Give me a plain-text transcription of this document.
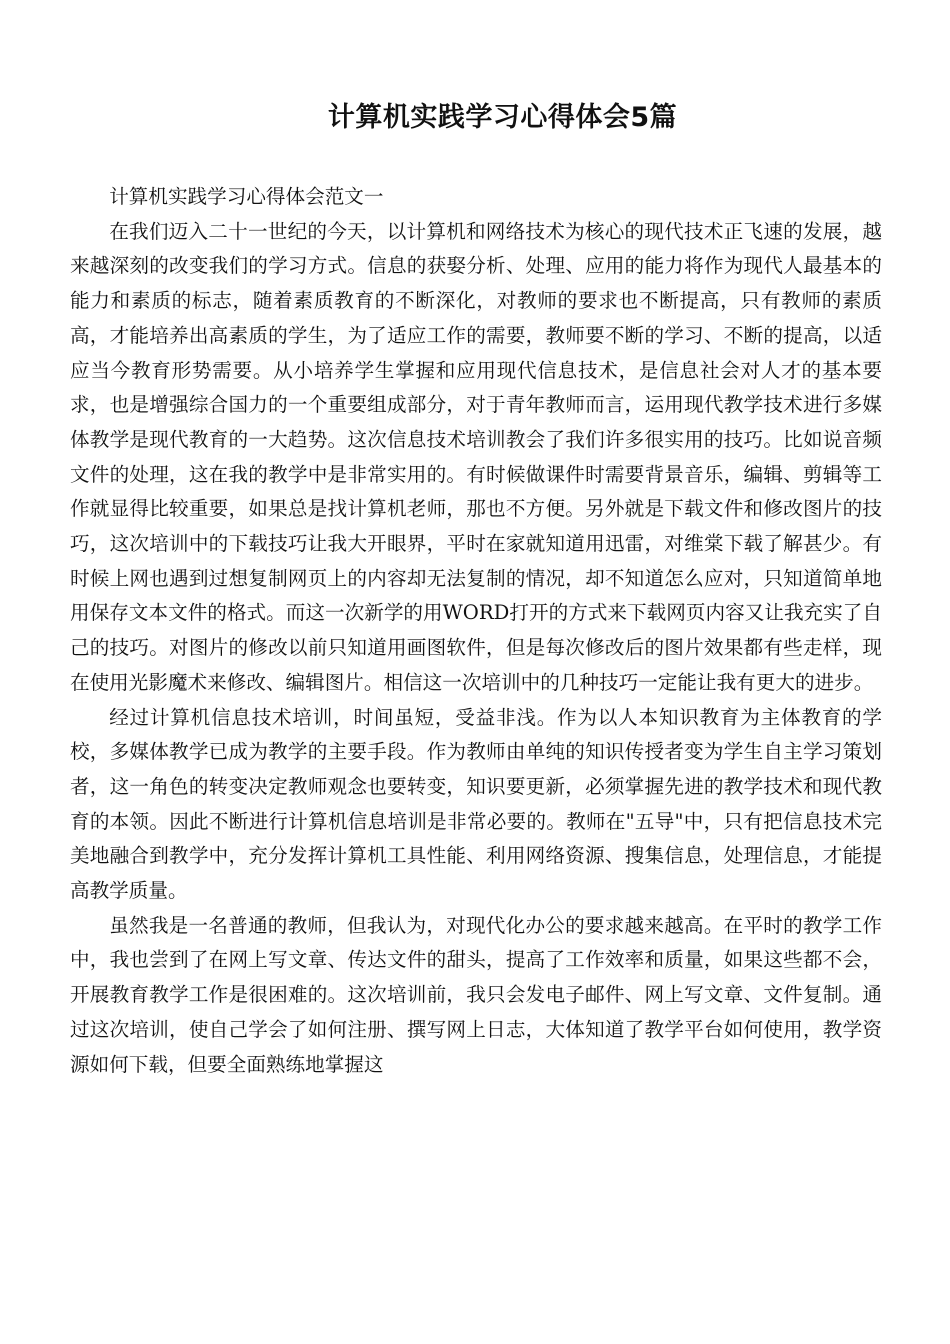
计算机实践学习心得体会5篇

计算机实践学习心得体会范文一

在我们迈入二十一世纪的今天，以计算机和网络技术为核心的现代技术正飞速的发展，越来越深刻的改变我们的学习方式。信息的获娶分析、处理、应用的能力将作为现代人最基本的能力和素质的标志，随着素质教育的不断深化，对教师的要求也不断提高，只有教师的素质高，才能培养出高素质的学生，为了适应工作的需要，教师要不断的学习、不断的提高，以适应当今教育形势需要。从小培养学生掌握和应用现代信息技术，是信息社会对人才的基本要求，也是增强综合国力的一个重要组成部分，对于青年教师而言，运用现代教学技术进行多媒体教学是现代教育的一大趋势。这次信息技术培训教会了我们许多很实用的技巧。比如说音频文件的处理，这在我的教学中是非常实用的。有时候做课件时需要背景音乐，编辑、剪辑等工作就显得比较重要，如果总是找计算机老师，那也不方便。另外就是下载文件和修改图片的技巧，这次培训中的下载技巧让我大开眼界，平时在家就知道用迅雷，对维棠下载了解甚少。有时候上网也遇到过想复制网页上的内容却无法复制的情况，却不知道怎么应对，只知道简单地用保存文本文件的格式。而这一次新学的用WORD打开的方式来下载网页内容又让我充实了自己的技巧。对图片的修改以前只知道用画图软件，但是每次修改后的图片效果都有些走样，现在使用光影魔术来修改、编辑图片。相信这一次培训中的几种技巧一定能让我有更大的进步。

经过计算机信息技术培训，时间虽短，受益非浅。作为以人本知识教育为主体教育的学校，多媒体教学已成为教学的主要手段。作为教师由单纯的知识传授者变为学生自主学习策划者，这一角色的转变决定教师观念也要转变，知识要更新，必须掌握先进的教学技术和现代教育的本领。因此不断进行计算机信息培训是非常必要的。教师在"五导"中，只有把信息技术完美地融合到教学中，充分发挥计算机工具性能、利用网络资源、搜集信息，处理信息，才能提高教学质量。

虽然我是一名普通的教师，但我认为，对现代化办公的要求越来越高。在平时的教学工作中，我也尝到了在网上写文章、传达文件的甜头，提高了工作效率和质量，如果这些都不会，开展教育教学工作是很困难的。这次培训前，我只会发电子邮件、网上写文章、文件复制。通过这次培训，使自己学会了如何注册、撰写网上日志，大体知道了教学平台如何使用，教学资源如何下载，但要全面熟练地掌握这
